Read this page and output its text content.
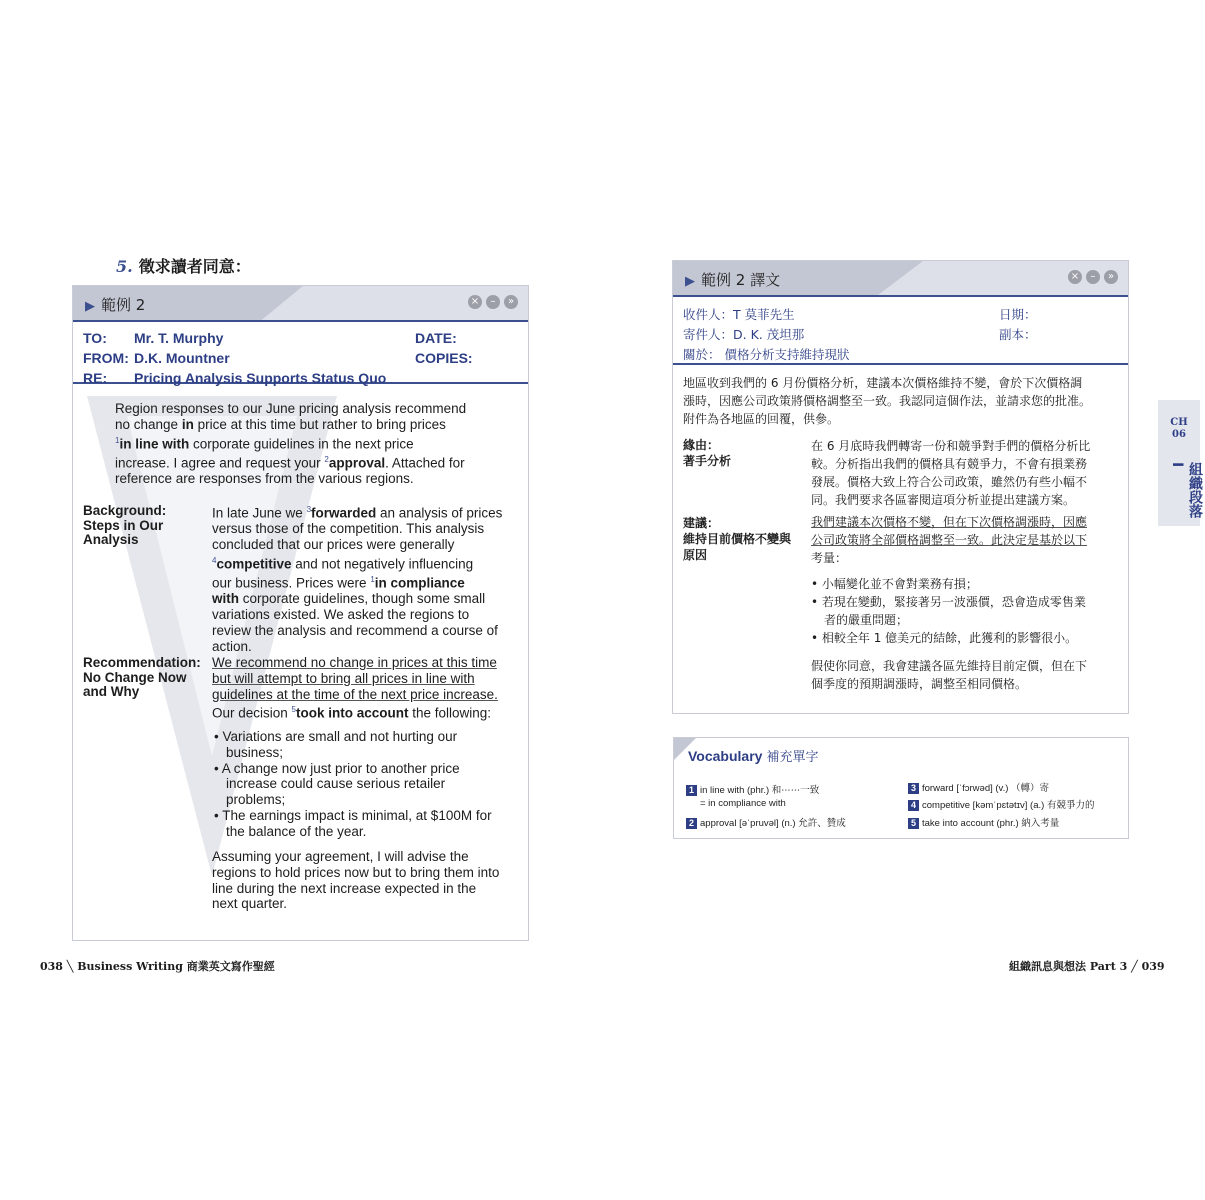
5. 徵求讀者同意：
▶ 範例 2	×	–	»
TO: Mr. T. Murphy	DATE:
FROM: D.K. Mountner	COPIES:
RE: Pricing Analysis Supports Status Quo
Region responses to our June pricing analysis recommend
no change in price at this time but rather to bring prices
$^1$in line with corporate guidelines in the next price
increase. I agree and request your $^2$approval. Attached for
reference are responses from the various regions.
Background:
Steps in Our
Analysis
In late June we $^3$forwarded an analysis of prices
versus those of the competition. This analysis
concluded that our prices were generally
$^4$competitive and not negatively influencing
our business. Prices were $^1$in compliance
with corporate guidelines, though some small
variations existed. We asked the regions to
review the analysis and recommend a course of
action.
Recommendation:
No Change Now
and Why
We recommend no change in prices at this time
but will attempt to bring all prices in line with
guidelines at the time of the next price increase.
Our decision $^5$took into account the following:
• Variations are small and not hurting our
business;
• A change now just prior to another price
increase could cause serious retailer
problems;
• The earnings impact is minimal, at $100M for
the balance of the year.
Assuming your agreement, I will advise the
regions to hold prices now but to bring them into
line during the next increase expected in the
next quarter.
038 ╲ Business Writing 商業英文寫作聖經
▶ 範例 2 譯文	×	–	»
收件人：T 莫菲先生	日期：
寄件人：D. K. 茂坦那	副本：
關於： 價格分析支持維持現狀
地區收到我們的 6 月份價格分析，建議本次價格維持不變，會於下次價格調
漲時，因應公司政策將價格調整至一致。我認同這個作法，並請求您的批准。
附件為各地區的回覆，供參。
緣由：
著手分析
在 6 月底時我們轉寄一份和競爭對手們的價格分析比
較。分析指出我們的價格具有競爭力，不會有損業務
發展。價格大致上符合公司政策，雖然仍有些小幅不
同。我們要求各區審閱這項分析並提出建議方案。
建議：
維持目前價格不變與
原因
我們建議本次價格不變，但在下次價格調漲時，因應
公司政策將全部價格調整至一致。此決定是基於以下
考量：
• 小幅變化並不會對業務有損；
• 若現在變動，緊接著另一波漲價，恐會造成零售業
者的嚴重問題；
• 相較全年 1 億美元的結餘，此獲利的影響很小。
假使你同意，我會建議各區先維持目前定價，但在下
個季度的預期調漲時，調整至相同價格。
Vocabulary 補充單字
1 in line with (phr.) 和⋯⋯一致
= in compliance with
2 approval [əˈpruvəl] (n.) 允許、贊成
3 forward [ˈfɔrwəd] (v.) （轉）寄
4 competitive [kəmˈpɛtətɪv] (a.) 有競爭力的
5 take into account (phr.) 納入考量
CH
06
組織段落 I
組織訊息與想法 Part 3 ╱ 039
